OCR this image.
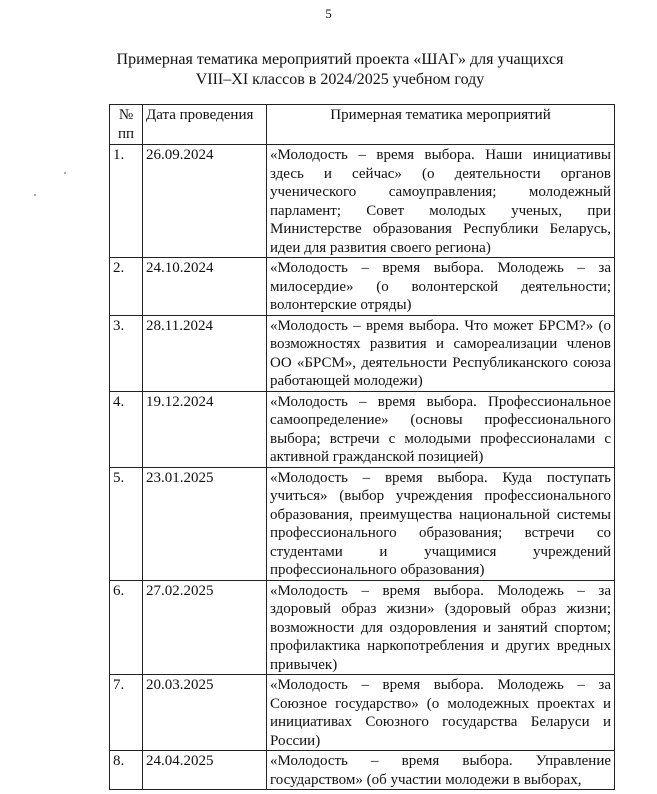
5
Примерная тематика мероприятий проекта «ШАГ» для учащихся
VIII–XI классов в 2024/2025 учебном году
№ пп	Дата проведения	Примерная тематика мероприятий
1.	26.09.2024	«Молодость – время выбора. Наши инициативы здесь и сейчас» (о деятельности органов ученического самоуправления; молодежный парламент; Совет молодых ученых, при Министерстве образования Республики Беларусь, идеи для развития своего региона)
2.	24.10.2024	«Молодость – время выбора. Молодежь – за милосердие» (о волонтерской деятельности; волонтерские отряды)
3.	28.11.2024	«Молодость – время выбора. Что может БРСМ?» (о возможностях развития и самореализации членов ОО «БРСМ», деятельности Республиканского союза работающей молодежи)
4.	19.12.2024	«Молодость – время выбора. Профессиональное самоопределение» (основы профессионального выбора; встречи с молодыми профессионалами с активной гражданской позицией)
5.	23.01.2025	«Молодость – время выбора. Куда поступать учиться» (выбор учреждения профессионального образования, преимущества национальной системы профессионального образования; встречи со студентами и учащимися учреждений профессионального образования)
6.	27.02.2025	«Молодость – время выбора. Молодежь – за здоровый образ жизни» (здоровый образ жизни; возможности для оздоровления и занятий спортом; профилактика наркопотребления и других вредных привычек)
7.	20.03.2025	«Молодость – время выбора. Молодежь – за Союзное государство» (о молодежных проектах и инициативах Союзного государства Беларуси и России)
8.	24.04.2025	«Молодость – время выбора. Управление государством» (об участии молодежи в выборах,
